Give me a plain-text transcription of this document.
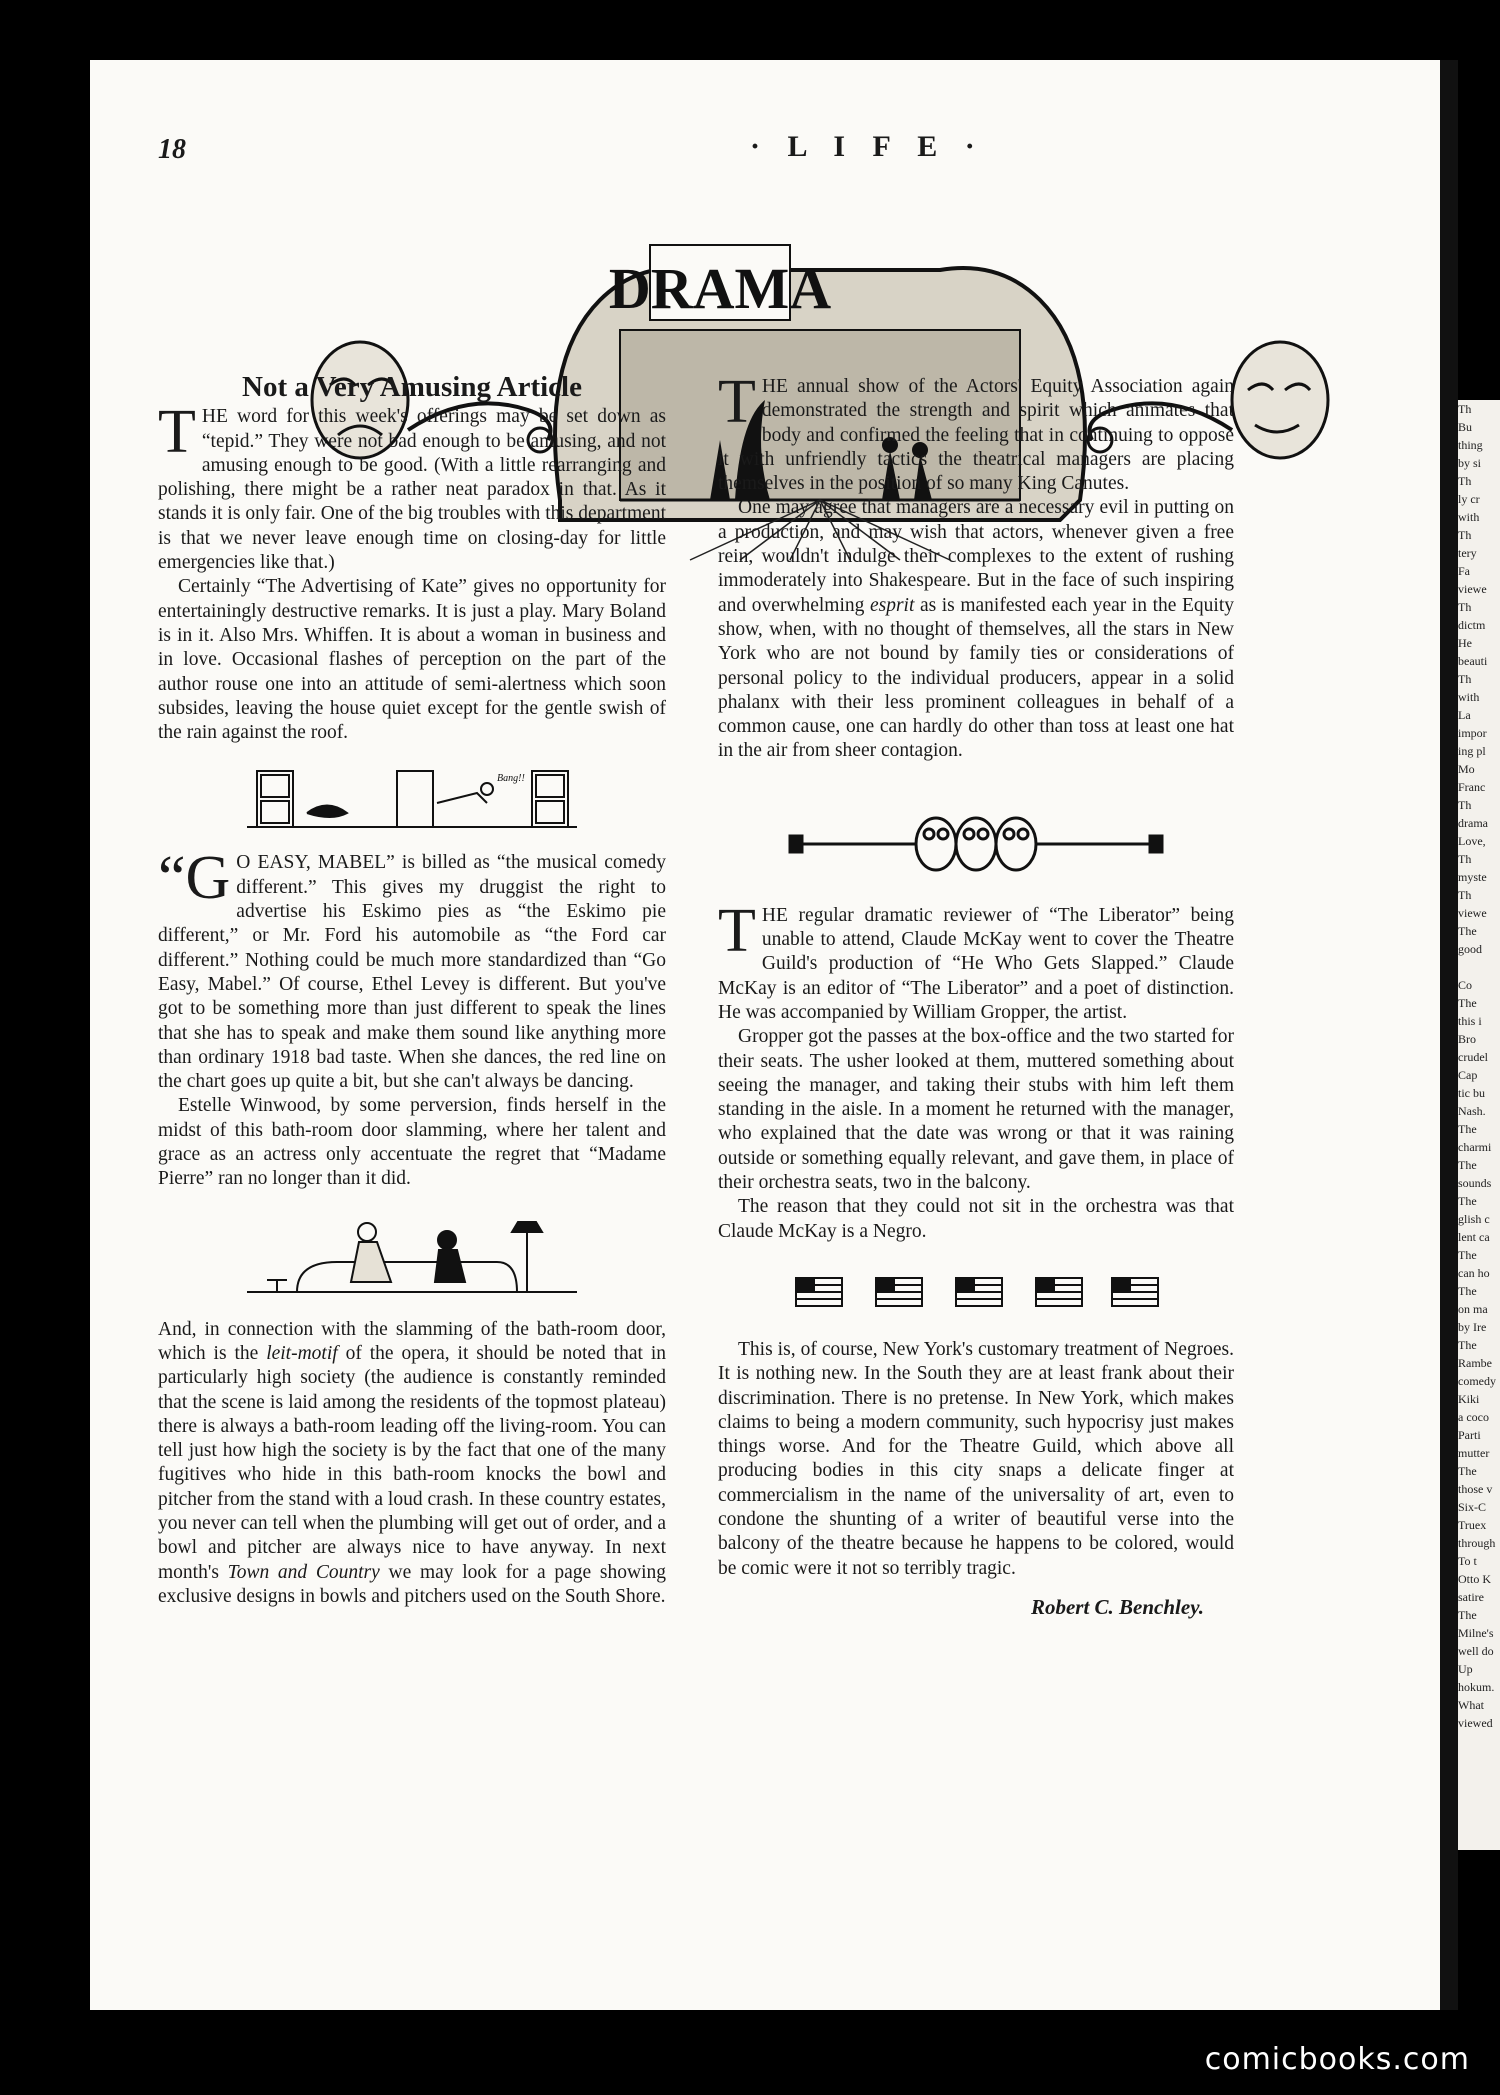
18	· L I F E ·
DRAMA
Not a Very Amusing Article

THE word for this week's offerings may be set down as “tepid.” They were not bad enough to be amusing, and not amusing enough to be good. (With a little rearranging and polishing, there might be a rather neat paradox in that. As it stands it is only fair. One of the big troubles with this department is that we never leave enough time on closing-day for little emergencies like that.)

Certainly “The Advertising of Kate” gives no opportunity for entertainingly destructive remarks. It is just a play. Mary Boland is in it. Also Mrs. Whiffen. It is about a woman in business and in love. Occasional flashes of perception on the part of the author rouse one into an attitude of semi-alertness which soon subsides, leaving the house quiet except for the gentle swish of the rain against the roof.

Bang!!

“G O EASY, MABEL” is billed as “the musical comedy different.” This gives my druggist the right to advertise his Eskimo pies as “the Eskimo pie different,” or Mr. Ford his automobile as “the Ford car different.” Nothing could be much more standardized than “Go Easy, Mabel.” Of course, Ethel Levey is different. But you've got to be something more than just different to speak the lines that she has to speak and make them sound like anything more than ordinary 1918 bad taste. When she dances, the red line on the chart goes up quite a bit, but she can't always be dancing.

Estelle Winwood, by some perversion, finds herself in the midst of this bath-room door slamming, where her talent and grace as an actress only accentuate the regret that “Madame Pierre” ran no longer than it did.

And, in connection with the slamming of the bath-room door, which is the leit-motif of the opera, it should be noted that in particularly high society (the audience is constantly reminded that the scene is laid among the residents of the topmost plateau) there is always a bath-room leading off the living-room. You can tell just how high the society is by the fact that one of the many fugitives who hide in this bath-room knocks the bowl and pitcher from the stand with a loud crash. In these country estates, you never can tell when the plumbing will get out of order, and a bowl and pitcher are always nice to have anyway. In next month's Town and Country we may look for a page showing exclusive designs in bowls and pitchers used on the South Shore.

THE annual show of the Actors' Equity Association again demonstrated the strength and spirit which animates that body and confirmed the feeling that in continuing to oppose it with unfriendly tactics the theatrical managers are placing themselves in the position of so many King Canutes.

One may agree that managers are a necessary evil in putting on a production, and may wish that actors, whenever given a free rein, wouldn't indulge their complexes to the extent of rushing immoderately into Shakespeare. But in the face of such inspiring and overwhelming esprit as is manifested each year in the Equity show, when, with no thought of themselves, all the stars in New York who are not bound by family ties or considerations of personal policy to the individual producers, appear in a solid phalanx with their less prominent colleagues in behalf of a common cause, one can hardly do other than toss at least one hat in the air from sheer contagion.

THE regular dramatic reviewer of “The Liberator” being unable to attend, Claude McKay went to cover the Theatre Guild's production of “He Who Gets Slapped.” Claude McKay is an editor of “The Liberator” and a poet of distinction. He was accompanied by William Gropper, the artist.

Gropper got the passes at the box-office and the two started for their seats. The usher looked at them, muttered something about seeing the manager, and taking their stubs with him left them standing in the aisle. In a moment he returned with the manager, who explained that the date was wrong or that it was raining outside or something equally relevant, and gave them, in place of their orchestra seats, two in the balcony.

The reason that they could not sit in the orchestra was that Claude McKay is a Negro.

This is, of course, New York's customary treatment of Negroes. It is nothing new. In the South they are at least frank about their discrimination. There is no pretense. In New York, which makes claims to being a modern community, such hypocrisy just makes things worse. And for the Theatre Guild, which above all producing bodies in this city snaps a delicate finger at commercialism in the name of the universality of art, even to condone the shunting of a writer of beautiful verse into the balcony of the theatre because he happens to be colored, would be comic were it not so terribly tragic.

Robert C. Benchley.
Th
Bu
thing
by si
Th
ly cr
with
Th
tery
Fa
viewe
Th
dictm
He
beauti
Th
with
La
impor
ing pl
Mo
Franc
Th
drama
Love,
Th
myste
Th
viewe
The
good

Co
The
this i
Bro
crudel
Cap
tic bu
Nash.
The
charmi
The
sounds
The
glish c
lent ca
The
can ho
The
on ma
by Ire
The
Rambe
comedy
Kiki
a coco
Parti
mutter
The
those v
Six-C
Truex
through
To t
Otto K
satire
The
Milne's
well do
Up
hokum.
What
viewed
comicbooks.com
